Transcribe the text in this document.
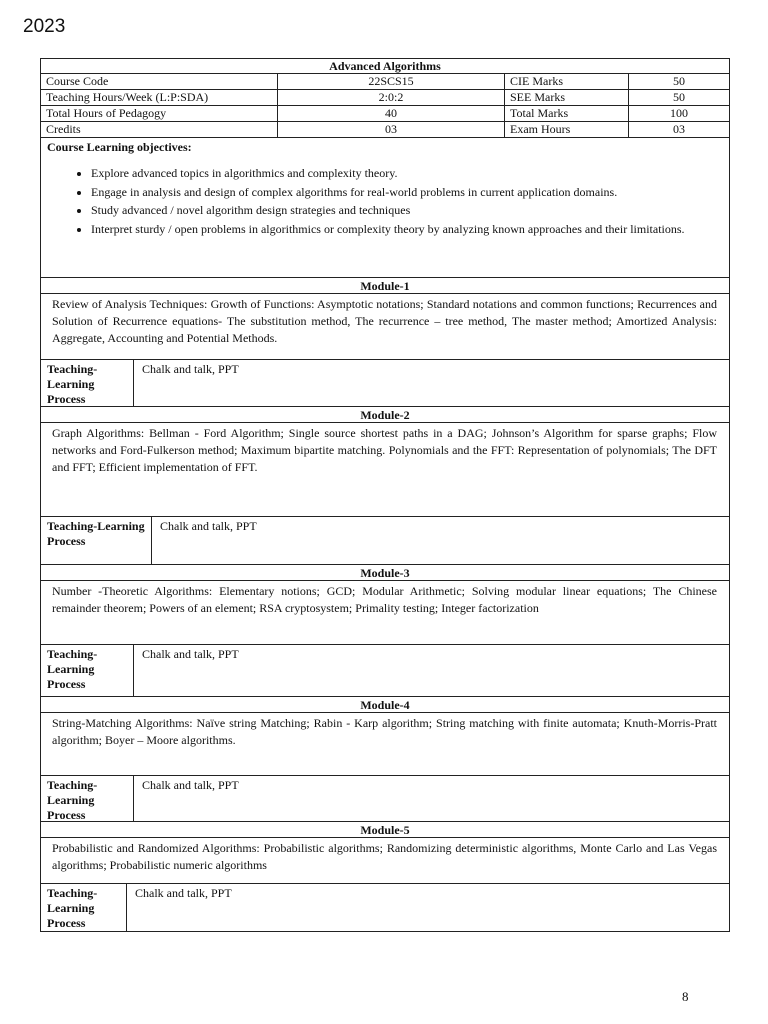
2023
Advanced Algorithms
Course Code	22SCS15	CIE Marks	50
Teaching Hours/Week (L:P:SDA)	2:0:2	SEE Marks	50
Total Hours of Pedagogy	40	Total Marks	100
Credits	03	Exam Hours	03
Course Learning objectives:
• Explore advanced topics in algorithmics and complexity theory.
• Engage in analysis and design of complex algorithms for real-world problems in current application domains.
• Study advanced / novel algorithm design strategies and techniques
• Interpret sturdy / open problems in algorithmics or complexity theory by analyzing known approaches and their limitations.
Module-1
Review of Analysis Techniques: Growth of Functions: Asymptotic notations; Standard notations and common functions; Recurrences and Solution of Recurrence equations- The substitution method, The recurrence – tree method, The master method; Amortized Analysis: Aggregate, Accounting and Potential Methods.
Teaching-Learning Process
Chalk and talk, PPT
Module-2
Graph Algorithms: Bellman - Ford Algorithm; Single source shortest paths in a DAG; Johnson’s Algorithm for sparse graphs; Flow networks and Ford-Fulkerson method; Maximum bipartite matching. Polynomials and the FFT: Representation of polynomials; The DFT and FFT; Efficient implementation of FFT.
Teaching-Learning Process
Chalk and talk, PPT
Module-3
Number -Theoretic Algorithms: Elementary notions; GCD; Modular Arithmetic; Solving modular linear equations; The Chinese remainder theorem; Powers of an element; RSA cryptosystem; Primality testing; Integer factorization
Teaching-Learning Process
Chalk and talk, PPT
Module-4
String-Matching Algorithms: Naïve string Matching; Rabin - Karp algorithm; String matching with finite automata; Knuth-Morris-Pratt algorithm; Boyer – Moore algorithms.
Teaching-Learning Process
Chalk and talk, PPT
Module-5
Probabilistic and Randomized Algorithms: Probabilistic algorithms; Randomizing deterministic algorithms, Monte Carlo and Las Vegas algorithms; Probabilistic numeric algorithms
Teaching-Learning Process
Chalk and talk, PPT
8
